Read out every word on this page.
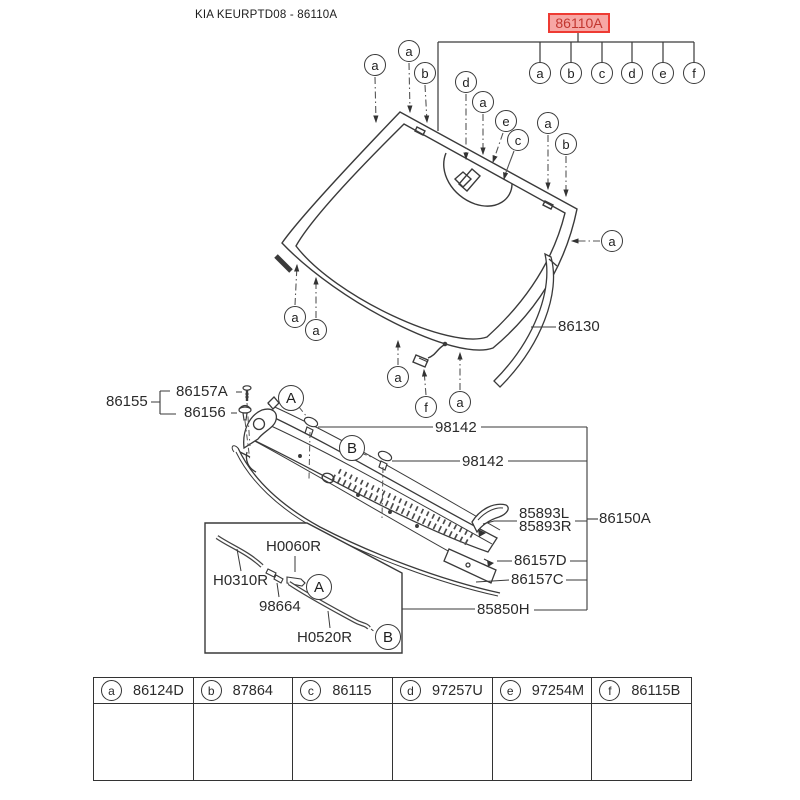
KIA KEURPTD08 - 86110A	86110A
a	b	c	d	e	f
a
a
b
d
a
e
c
a
b
a
a
a
a
f	a
A
B
A
B
86130
86155
86157A
86156
98142
98142
85893L
85893R 86150A
86157D
86157C
85850H
H0060R
H0310R
98664
H0520R
a	86124D	b	87864	c	86115	d	97257U	e	97254M	f	86115B
